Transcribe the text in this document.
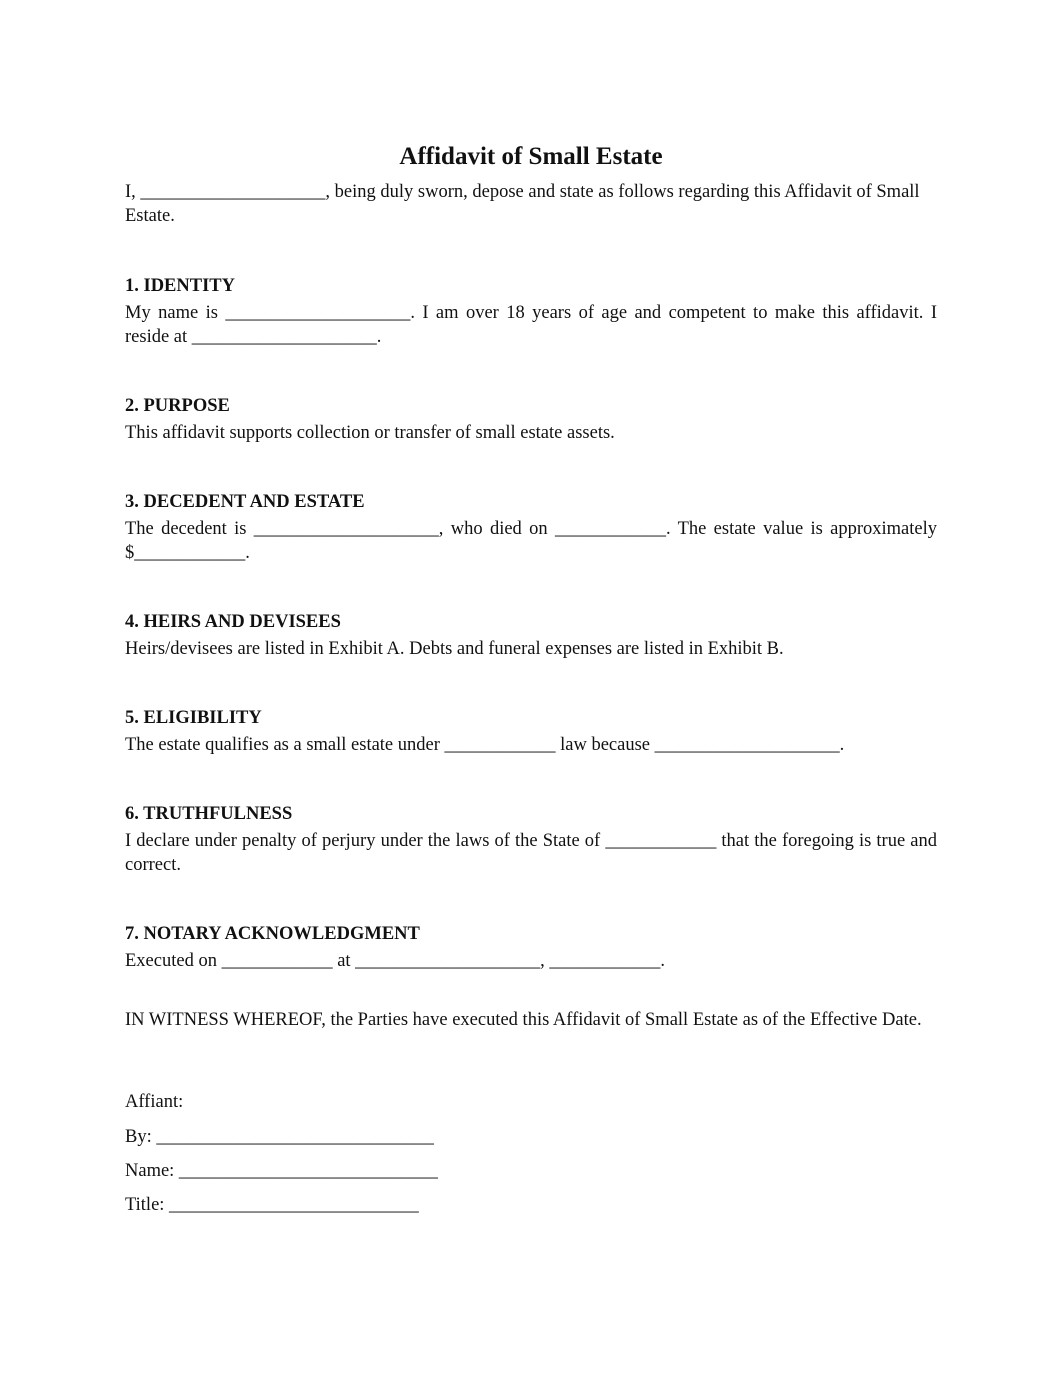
Affidavit of Small Estate

I, ____________________, being duly sworn, depose and state as follows regarding this Affidavit of Small Estate.

1. IDENTITY

My name is ____________________. I am over 18 years of age and competent to make this affidavit. I reside at ____________________.

2. PURPOSE

This affidavit supports collection or transfer of small estate assets.

3. DECEDENT AND ESTATE

The decedent is ____________________, who died on ____________. The estate value is approximately $____________.

4. HEIRS AND DEVISEES

Heirs/devisees are listed in Exhibit A. Debts and funeral expenses are listed in Exhibit B.

5. ELIGIBILITY

The estate qualifies as a small estate under ____________ law because ____________________.

6. TRUTHFULNESS

I declare under penalty of perjury under the laws of the State of ____________ that the foregoing is true and correct.

7. NOTARY ACKNOWLEDGMENT

Executed on ____________ at ____________________, ____________.

IN WITNESS WHEREOF, the Parties have executed this Affidavit of Small Estate as of the Effective Date.

Affiant:

By: ______________________________

Name: ____________________________

Title: ___________________________
